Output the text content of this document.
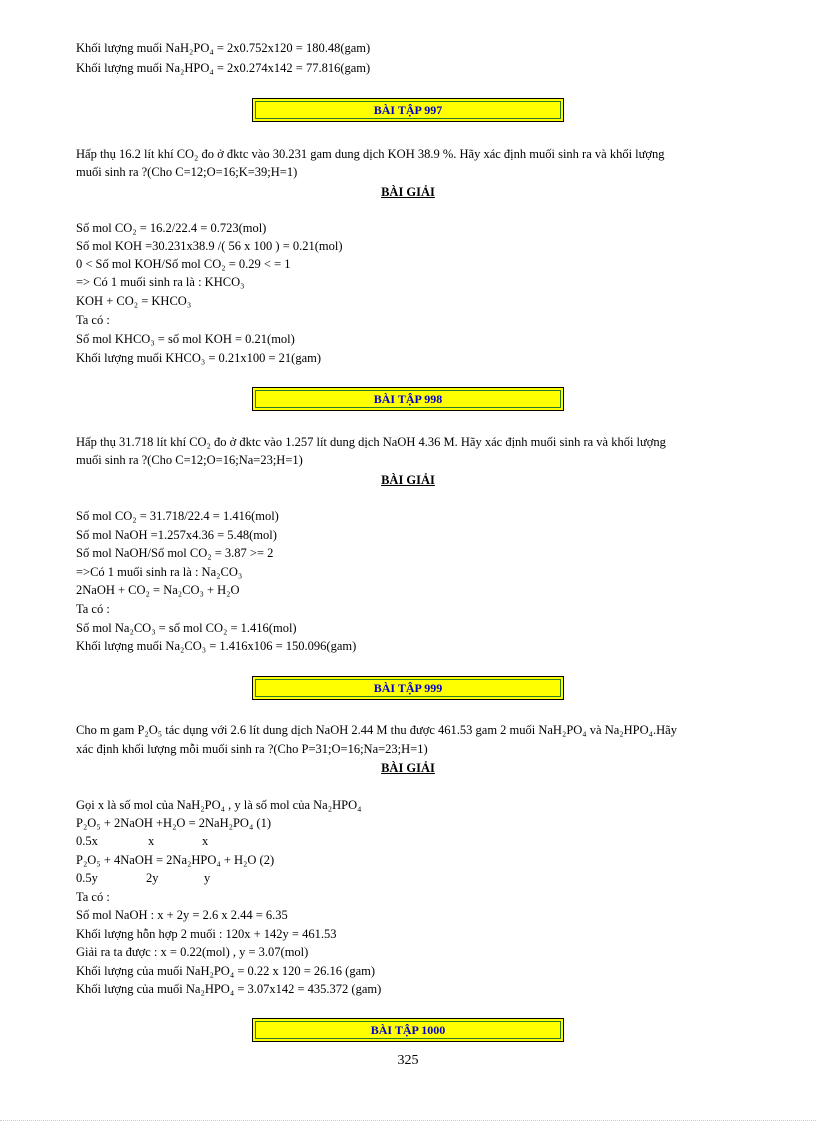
Khối lượng muối NaH₂PO₄ = 2x0.752x120 = 180.48(gam)
Khối lượng muối Na₂HPO₄ = 2x0.274x142 = 77.816(gam)
BÀI TẬP 997
Hấp thụ 16.2 lít khí CO₂ đo ở đktc vào 30.231 gam dung dịch KOH 38.9 %. Hãy xác định muối sinh ra và khối lượng
muối sinh ra ?(Cho C=12;O=16;K=39;H=1)
BÀI GIẢI
Số mol CO₂ = 16.2/22.4 = 0.723(mol)
Số mol KOH =30.231x38.9 /( 56 x 100 ) = 0.21(mol)
0 < Số mol KOH/Số mol CO₂ = 0.29 < = 1
=> Có 1 muối sinh ra là : KHCO₃
KOH + CO₂ = KHCO₃
Ta có :
Số mol KHCO₃ = số mol KOH = 0.21(mol)
Khối lượng muối KHCO₃ = 0.21x100 = 21(gam)
BÀI TẬP 998
Hấp thụ 31.718 lít khí CO₂ đo ở đktc vào 1.257 lít dung dịch NaOH 4.36 M. Hãy xác định muối sinh ra và khối lượng
muối sinh ra ?(Cho C=12;O=16;Na=23;H=1)
BÀI GIẢI
Số mol CO₂ = 31.718/22.4 = 1.416(mol)
Số mol NaOH =1.257x4.36 = 5.48(mol)
Số mol NaOH/Số mol CO₂ = 3.87 >= 2
=>Có 1 muối sinh ra là : Na₂CO₃
2NaOH + CO₂ = Na₂CO₃ + H₂O
Ta có :
Số mol Na₂CO₃ = số mol CO₂ = 1.416(mol)
Khối lượng muối Na₂CO₃ = 1.416x106 = 150.096(gam)
BÀI TẬP 999
Cho m gam P₂O₅ tác dụng với 2.6 lít dung dịch NaOH 2.44 M thu được 461.53 gam 2 muối NaH₂PO₄ và Na₂HPO₄.Hãy
xác định khối lượng mỗi muối sinh ra ?(Cho P=31;O=16;Na=23;H=1)
BÀI GIẢI
Gọi x là số mol của NaH₂PO₄ , y là số mol của Na₂HPO₄
P₂O₅ + 2NaOH +H₂O = 2NaH₂PO₄ (1)
0.5x	x	x
P₂O₅ + 4NaOH = 2Na₂HPO₄ + H₂O (2)
0.5y	2y	y
Ta có :
Số mol NaOH : x + 2y = 2.6 x 2.44 = 6.35
Khối lượng hỗn hợp 2 muối : 120x + 142y = 461.53
Giải ra ta được : x = 0.22(mol) , y = 3.07(mol)
Khối lượng của muối NaH₂PO₄ = 0.22 x 120 = 26.16 (gam)
Khối lượng của muối Na₂HPO₄ = 3.07x142 = 435.372 (gam)
BÀI TẬP 1000
325
